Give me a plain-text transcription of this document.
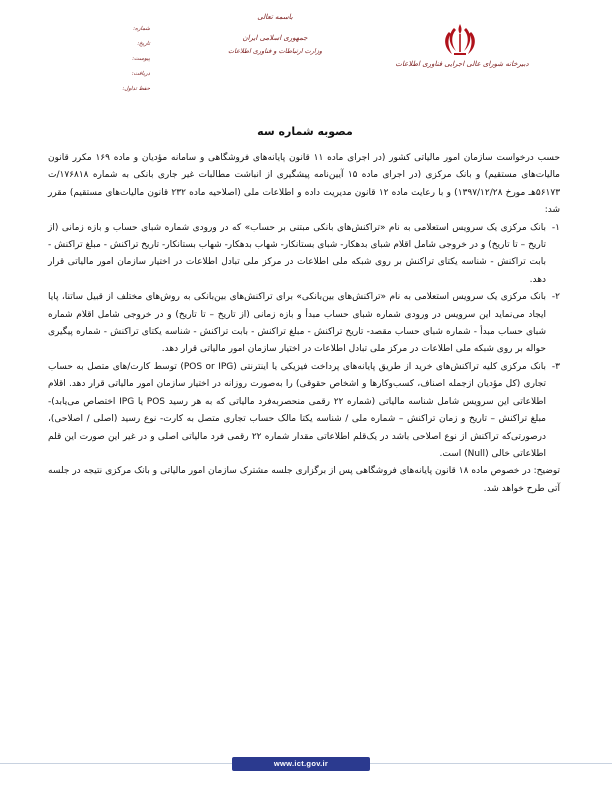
دبیرخانه شورای عالی اجرایی فناوری اطلاعات
باسمه تعالی
جمهوری اسلامی ایران
وزارت ارتباطات و فناوری اطلاعات
شماره:
تاریخ:
پیوست:
دریافت:
حفظ تداول:
مصوبه شماره سه

حسب درخواست سازمان امور مالیاتی کشور (در اجرای ماده ۱۱ قانون پایانه‌های فروشگاهی و سامانه مؤدیان و ماده ۱۶۹ مکرر قانون مالیات‌های مستقیم) و بانک مرکزی (در اجرای ماده ۱۵ آیین‌نامه پیشگیری از انباشت مطالبات غیر جاری بانکی به شماره ۱۷۶۸۱۸/ت ۵۶۱۷۳هـ مورخ ۱۳۹۷/۱۲/۲۸) و با رعایت ماده ۱۲ قانون مدیریت داده و اطلاعات ملی (اصلاحیه ماده ۲۳۲ قانون مالیات‌های مستقیم) مقرر شد:

۱-
بانک مرکزی یک سرویس استعلامی به نام «تراکنش‌های بانکی مبتنی بر حساب» که در ورودی شماره شبای حساب و بازه زمانی (از تاریخ – تا تاریخ) و در خروجی شامل اقلام شبای بدهکار- شبای بستانکار- شهاب بدهکار- شهاب بستانکار- تاریخ تراکنش - مبلغ تراکنش - بابت تراکنش - شناسه یکتای تراکنش بر روی شبکه ملی اطلاعات در مرکز ملی تبادل اطلاعات در اختیار سازمان امور مالیاتی قرار دهد.
۲-
بانک مرکزی یک سرویس استعلامی به نام «تراکنش‌های بین‌بانکی» برای تراکنش‌های بین‌بانکی به روش‌های مختلف از قبیل ساتنا، پایا ایجاد می‌نماید این سرویس در ورودی شماره شبای حساب مبدأ و بازه زمانی (از تاریخ – تا تاریخ) و در خروجی شامل اقلام شماره شبای حساب مبدأ - شماره شبای حساب مقصد- تاریخ تراکنش - مبلغ تراکنش - بابت تراکنش - شناسه یکتای تراکنش - شماره پیگیری حواله بر روی شبکه ملی اطلاعات در مرکز ملی تبادل اطلاعات در اختیار سازمان امور مالیاتی قرار دهد.
۳-
بانک مرکزی کلیه تراکنش‌های خرید از طریق پایانه‌های پرداخت فیزیکی یا اینترنتی (POS or IPG) توسط کارت/های متصل به حساب تجاری (کل مؤدیان ازجمله اصناف، کسب‌وکارها و اشخاص حقوقی) را به‌صورت روزانه در اختیار سازمان امور مالیاتی قرار دهد. اقلام اطلاعاتی این سرویس شامل شناسه مالیاتی (شماره ۲۲ رقمی منحصربه‌فرد مالیاتی که به هر رسید POS یا IPG اختصاص می‌یابد)- مبلغ تراکنش – تاریخ و زمان تراکنش – شماره ملی / شناسه یکتا مالک حساب تجاری متصل به کارت- نوع رسید (اصلی / اصلاحی)، درصورتی‌که تراکنش از نوع اصلاحی باشد در یک‌قلم اطلاعاتی مقدار شماره ۲۲ رقمی فرد مالیاتی اصلی و در غیر این صورت این قلم اطلاعاتی خالی (Null) است.

توضیح: در خصوص ماده ۱۸ قانون پایانه‌های فروشگاهی پس از برگزاری جلسه مشترک سازمان امور مالیاتی و بانک مرکزی نتیجه در جلسه آتی طرح خواهد شد.

www.ict.gov.ir
